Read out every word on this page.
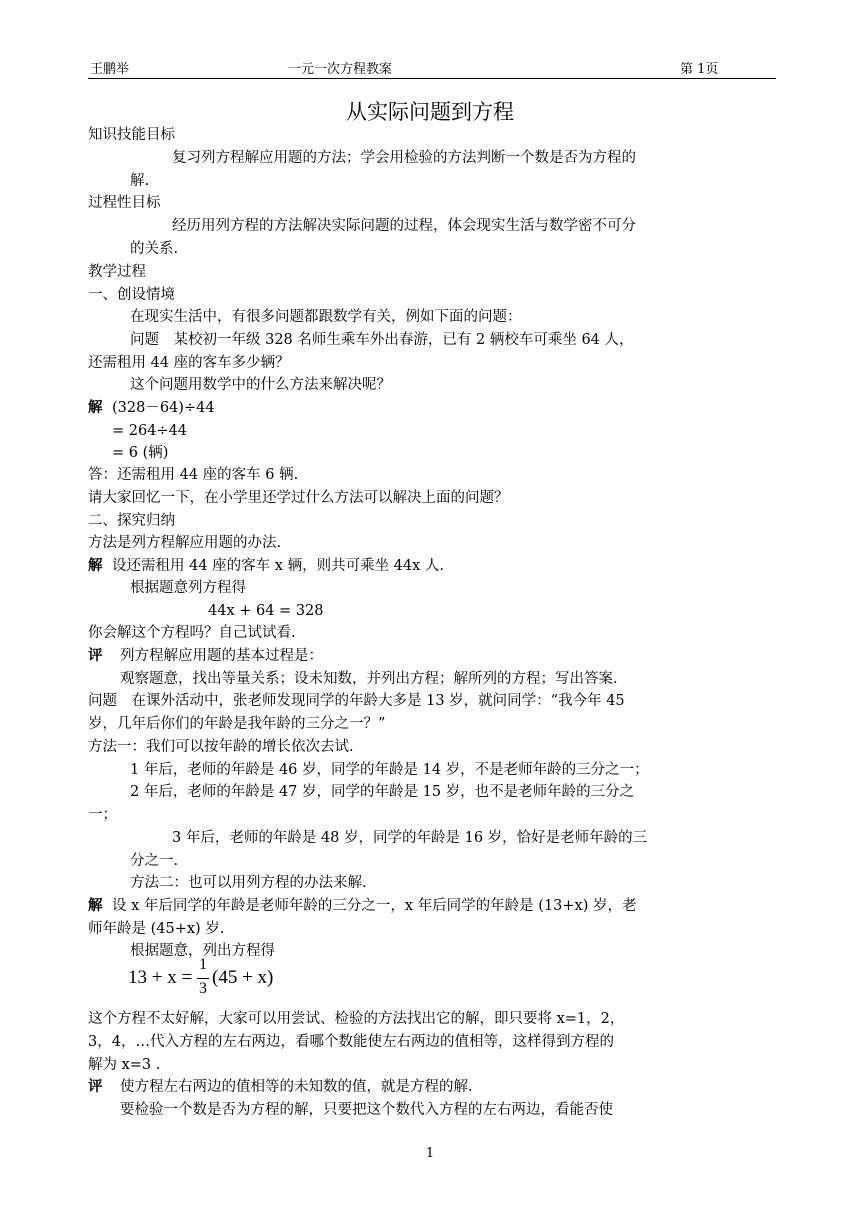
王鹏举	一元一次方程教案	第 1页
从实际问题到方程
知识技能目标
复习列方程解应用题的方法；学会用检验的方法判断一个数是否为方程的
解.
过程性目标
经历用列方程的方法解决实际问题的过程，体会现实生活与数学密不可分
的关系.
教学过程
一、创设情境
在现实生活中，有很多问题都跟数学有关，例如下面的问题：
问题　某校初一年级 328 名师生乘车外出春游，已有 2 辆校车可乘坐 64 人，
还需租用 44 座的客车多少辆？
这个问题用数学中的什么方法来解决呢？
解 (328－64)÷44
= 264÷44
= 6 (辆)
答：还需租用 44 座的客车 6 辆.
请大家回忆一下，在小学里还学过什么方法可以解决上面的问题？
二、探究归纳
方法是列方程解应用题的办法.
解 设还需租用 44 座的客车 x 辆，则共可乘坐 44x 人.
根据题意列方程得
44x + 64 = 328
你会解这个方程吗？自己试试看.
评 列方程解应用题的基本过程是：
观察题意，找出等量关系；设未知数，并列出方程；解所列的方程；写出答案.
问题　在课外活动中，张老师发现同学的年龄大多是 13 岁，就问同学：“我今年 45
岁，几年后你们的年龄是我年龄的三分之一？”
方法一：我们可以按年龄的增长依次去试.
1 年后，老师的年龄是 46 岁，同学的年龄是 14 岁，不是老师年龄的三分之一；
2 年后，老师的年龄是 47 岁，同学的年龄是 15 岁，也不是老师年龄的三分之
一；
3 年后，老师的年龄是 48 岁，同学的年龄是 16 岁，恰好是老师年龄的三
分之一.
方法二：也可以用列方程的办法来解.
解 设 x 年后同学的年龄是老师年龄的三分之一，x 年后同学的年龄是 (13+x) 岁，老
师年龄是 (45+x) 岁.
根据题意，列出方程得
13 + x =
1
3
(45 + x)
这个方程不太好解，大家可以用尝试、检验的方法找出它的解，即只要将 x=1，2，
3，4，…代入方程的左右两边，看哪个数能使左右两边的值相等，这样得到方程的
解为 x=3 .
评 使方程左右两边的值相等的未知数的值，就是方程的解.
要检验一个数是否为方程的解，只要把这个数代入方程的左右两边，看能否使
1
